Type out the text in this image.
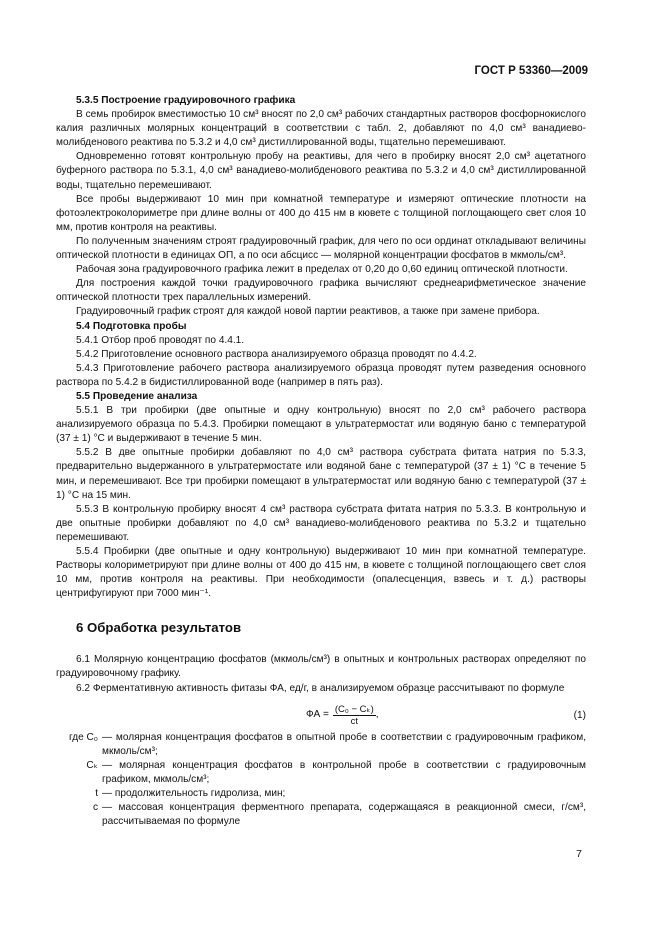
ГОСТ Р 53360—2009

5.3.5 Построение градуировочного графика

В семь пробирок вместимостью 10 см³ вносят по 2,0 см³ рабочих стандартных растворов фосфорнокислого калия различных молярных концентраций в соответствии с табл. 2, добавляют по 4,0 см³ ванадиево-молибденового реактива по 5.3.2 и 4,0 см³ дистиллированной воды, тщательно перемешивают.

Одновременно готовят контрольную пробу на реактивы, для чего в пробирку вносят 2,0 см³ ацетатного буферного раствора по 5.3.1, 4,0 см³ ванадиево-молибденового реактива по 5.3.2 и 4,0 см³ дистиллированной воды, тщательно перемешивают.

Все пробы выдерживают 10 мин при комнатной температуре и измеряют оптические плотности на фотоэлектроколориметре при длине волны от 400 до 415 нм в кювете с толщиной поглощающего свет слоя 10 мм, против контроля на реактивы.

По полученным значениям строят градуировочный график, для чего по оси ординат откладывают величины оптической плотности в единицах ОП, а по оси абсцисс — молярной концентрации фосфатов в мкмоль/см³.

Рабочая зона градуировочного графика лежит в пределах от 0,20 до 0,60 единиц оптической плотности.

Для построения каждой точки градуировочного графика вычисляют среднеарифметическое значение оптической плотности трех параллельных измерений.

Градуировочный график строят для каждой новой партии реактивов, а также при замене прибора.

5.4 Подготовка пробы

5.4.1 Отбор проб проводят по 4.4.1.

5.4.2 Приготовление основного раствора анализируемого образца проводят по 4.4.2.

5.4.3 Приготовление рабочего раствора анализируемого образца проводят путем разведения основного раствора по 5.4.2 в бидистиллированной воде (например в пять раз).

5.5 Проведение анализа

5.5.1 В три пробирки (две опытные и одну контрольную) вносят по 2,0 см³ рабочего раствора анализируемого образца по 5.4.3. Пробирки помещают в ультратермостат или водяную баню с температурой (37 ± 1) °С и выдерживают в течение 5 мин.

5.5.2 В две опытные пробирки добавляют по 4,0 см³ раствора субстрата фитата натрия по 5.3.3, предварительно выдержанного в ультратермостате или водяной бане с температурой (37 ± 1) °С в течение 5 мин, и перемешивают. Все три пробирки помещают в ультратермостат или водяную баню с температурой (37 ± 1) °С на 15 мин.

5.5.3 В контрольную пробирку вносят 4 см³ раствора субстрата фитата натрия по 5.3.3. В контрольную и две опытные пробирки добавляют по 4,0 см³ ванадиево-молибденового реактива по 5.3.2 и тщательно перемешивают.

5.5.4 Пробирки (две опытные и одну контрольную) выдерживают 10 мин при комнатной температуре. Растворы колориметрируют при длине волны от 400 до 415 нм, в кювете с толщиной поглощающего свет слоя 10 мм, против контроля на реактивы. При необходимости (опалесценция, взвесь и т. д.) растворы центрифугируют при 7000 мин⁻¹.

6 Обработка результатов

6.1 Молярную концентрацию фосфатов (мкмоль/см³) в опытных и контрольных растворах определяют по градуировочному графику.

6.2 Ферментативную активность фитазы ФА, ед/г, в анализируемом образце рассчитывают по формуле

ФА = $\frac{\text{(C₀ − Cₖ)}}{ct}$ ,	(1)
где C₀ — молярная концентрация фосфатов в опытной пробе в соответствии с градуировочным графиком, мкмоль/см³;
Cₖ — молярная концентрация фосфатов в контрольной пробе в соответствии с градуировочным графиком, мкмоль/см³;
t — продолжительность гидролиза, мин;
c — массовая концентрация ферментного препарата, содержащаяся в реакционной смеси, г/см³, рассчитываемая по формуле
7
